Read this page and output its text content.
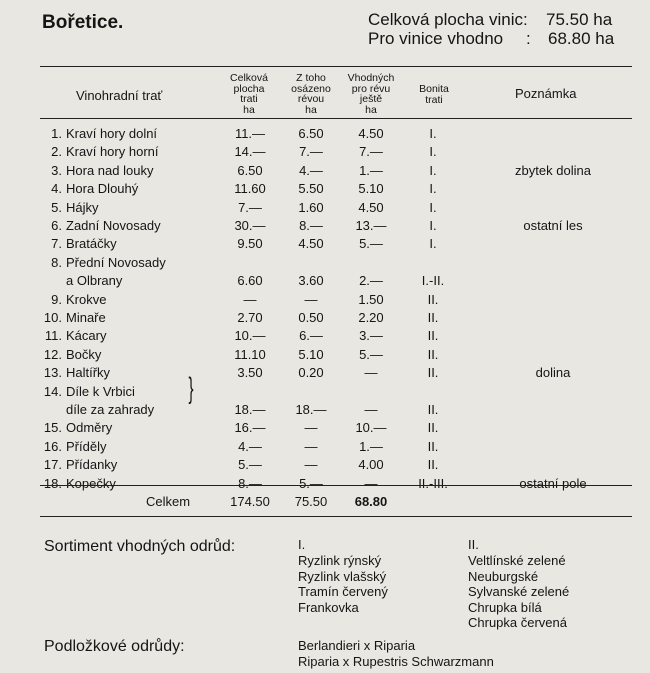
Bořetice.	Celková plocha vinic: 75.50 ha
Pro vinice vhodno : 68.80 ha
Vinohradní trať
Celková
plocha
trati
ha
Z toho
osázeno
révou
ha
Vhodných
pro révu
ještě
ha
Bonita
trati	Poznámka
1. Kraví hory dolní	11.—	6.50	4.50	I.
2. Kraví hory horní	14.—	7.—	7.—	I.
3. Hora nad louky	6.50	4.—	1.—	I.	zbytek dolina
4. Hora Dlouhý	11.60	5.50	5.10	I.
5. Hájky	7.—	1.60	4.50	I.
6. Zadní Novosady	30.—	8.—	13.—	I.	ostatní les
7. Bratáčky	9.50	4.50	5.—	I.
8. Přední Novosady
a Olbrany	6.60	3.60	2.—	I.-II.
9. Krokve	—	—	1.50	II.
10. Minaře	2.70	0.50	2.20	II.
11. Kácary	10.—	6.—	3.—	II.
12. Bočky	11.10	5.10	5.—	II.
13. Haltířky	3.50	0.20	—	II.	dolina
14. Díle k Vrbici
díle za zahrady	18.—	18.—	—	II.
15. Odměry	16.—	—	10.—	II.
16. Příděly	4.—	—	1.—	II.
17. Přídanky	5.—	—	4.00	II.
18. Kopečky	8.—	5.—	—	II.-III.	ostatní pole
}
Celkem	174.50	75.50	68.80
Sortiment vhodných odrůd:	I.	II.
Ryzlink rýnský
Ryzlink vlašský
Tramín červený
Frankovka
Veltlínské zelené
Neuburgské
Sylvanské zelené
Chrupka bílá
Chrupka červená
Podložkové odrůdy:	Berlandieri x Riparia
Riparia x Rupestris Schwarzmann
